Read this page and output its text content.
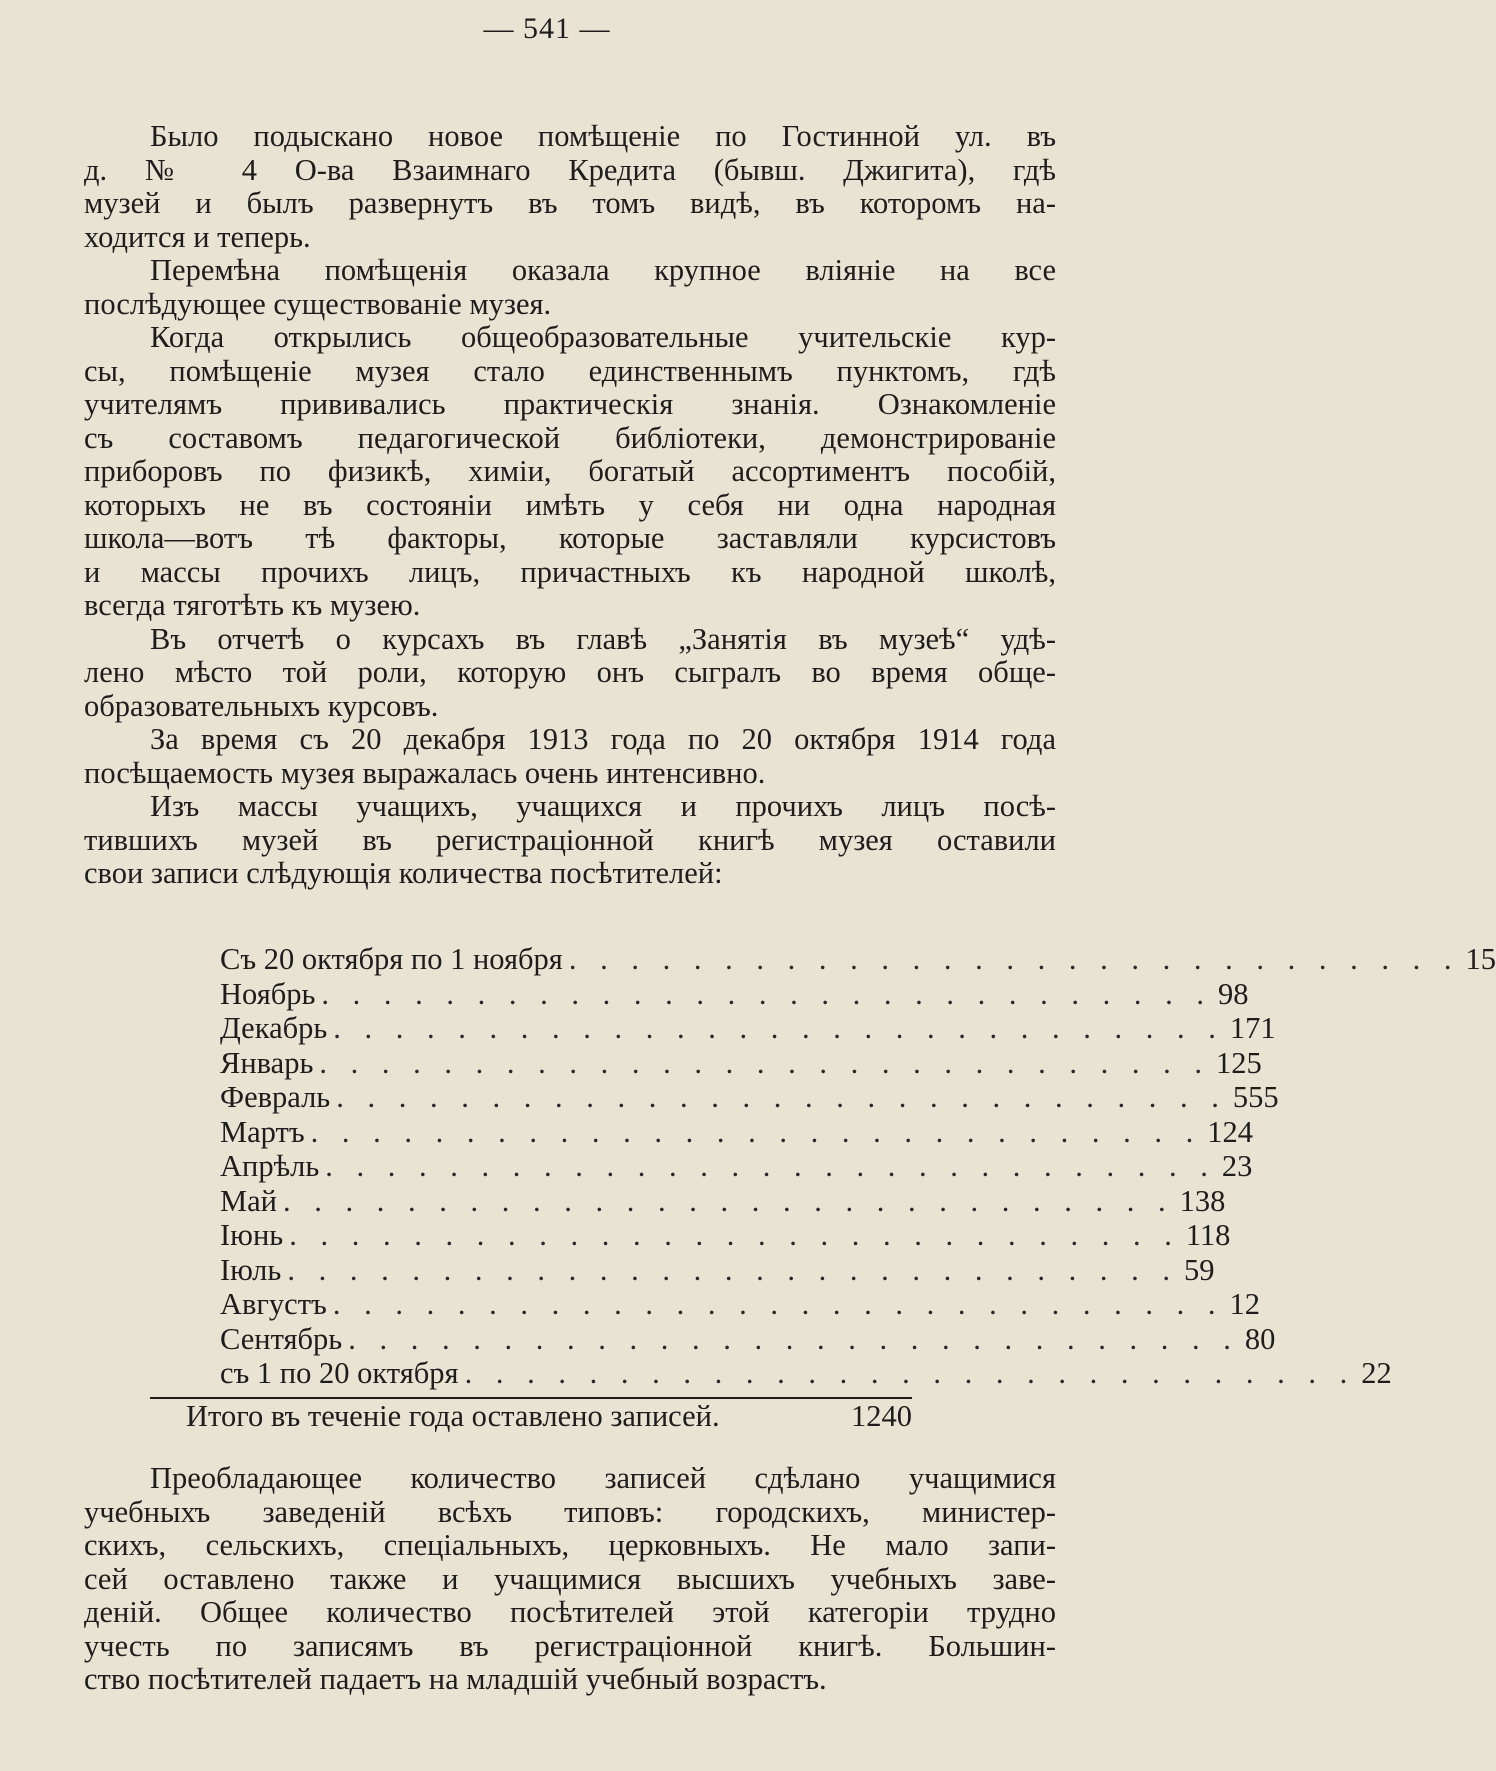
— 541 —
Было подыскано новое помѣщеніе по Гостинной ул. въ
д. № 4 О-ва Взаимнаго Кредита (бывш. Джигита), гдѣ
музей и былъ развернутъ въ томъ видѣ, въ которомъ на-
ходится и теперь.
Перемѣна помѣщенія оказала крупное вліяніе на все
послѣдующее существованіе музея.
Когда открылись общеобразовательные учительскіе кур-
сы, помѣщеніе музея стало единственнымъ пунктомъ, гдѣ
учителямъ прививались практическія знанія. Ознакомленіе
съ составомъ педагогической библіотеки, демонстрированіе
приборовъ по физикѣ, химіи, богатый ассортиментъ пособій,
которыхъ не въ состояніи имѣть у себя ни одна народная
школа—вотъ тѣ факторы, которые заставляли курсистовъ
и массы прочихъ лицъ, причастныхъ къ народной школѣ,
всегда тяготѣть къ музею.
Въ отчетѣ о курсахъ въ главѣ „Занятія въ музеѣ“ удѣ-
лено мѣсто той роли, которую онъ сыгралъ во время обще-
образовательныхъ курсовъ.
За время съ 20 декабря 1913 года по 20 октября 1914 года
посѣщаемость музея выражалась очень интенсивно.
Изъ массы учащихъ, учащихся и прочихъ лицъ посѣ-
тившихъ музей въ регистраціонной книгѣ музея оставили
свои записи слѣдующія количества посѣтителей:
Съ 20 октября по 1 ноября . . . . . . . . . . . . . . . . . . . . . . . . . . . . . 15
Ноябрь . . . . . . . . . . . . . . . . . . . . . . . . . . . . . 98
Декабрь . . . . . . . . . . . . . . . . . . . . . . . . . . . . . 171
Январь . . . . . . . . . . . . . . . . . . . . . . . . . . . . . 125
Февраль . . . . . . . . . . . . . . . . . . . . . . . . . . . . . 555
Мартъ . . . . . . . . . . . . . . . . . . . . . . . . . . . . . 124
Апрѣль . . . . . . . . . . . . . . . . . . . . . . . . . . . . . 23
Май . . . . . . . . . . . . . . . . . . . . . . . . . . . . . 138
Іюнь . . . . . . . . . . . . . . . . . . . . . . . . . . . . . 118
Іюль . . . . . . . . . . . . . . . . . . . . . . . . . . . . . 59
Августъ . . . . . . . . . . . . . . . . . . . . . . . . . . . . . 12
Сентябрь . . . . . . . . . . . . . . . . . . . . . . . . . . . . . 80
съ 1 по 20 октября . . . . . . . . . . . . . . . . . . . . . . . . . . . . . 22
Итого въ теченіе года оставлено записей.	1240
Преобладающее количество записей сдѣлано учащимися
учебныхъ заведеній всѣхъ типовъ: городскихъ, министер-
скихъ, сельскихъ, спеціальныхъ, церковныхъ. Не мало запи-
сей оставлено также и учащимися высшихъ учебныхъ заве-
деній. Общее количество посѣтителей этой категоріи трудно
учесть по записямъ въ регистраціонной книгѣ. Большин-
ство посѣтителей падаетъ на младшій учебный возрастъ.
